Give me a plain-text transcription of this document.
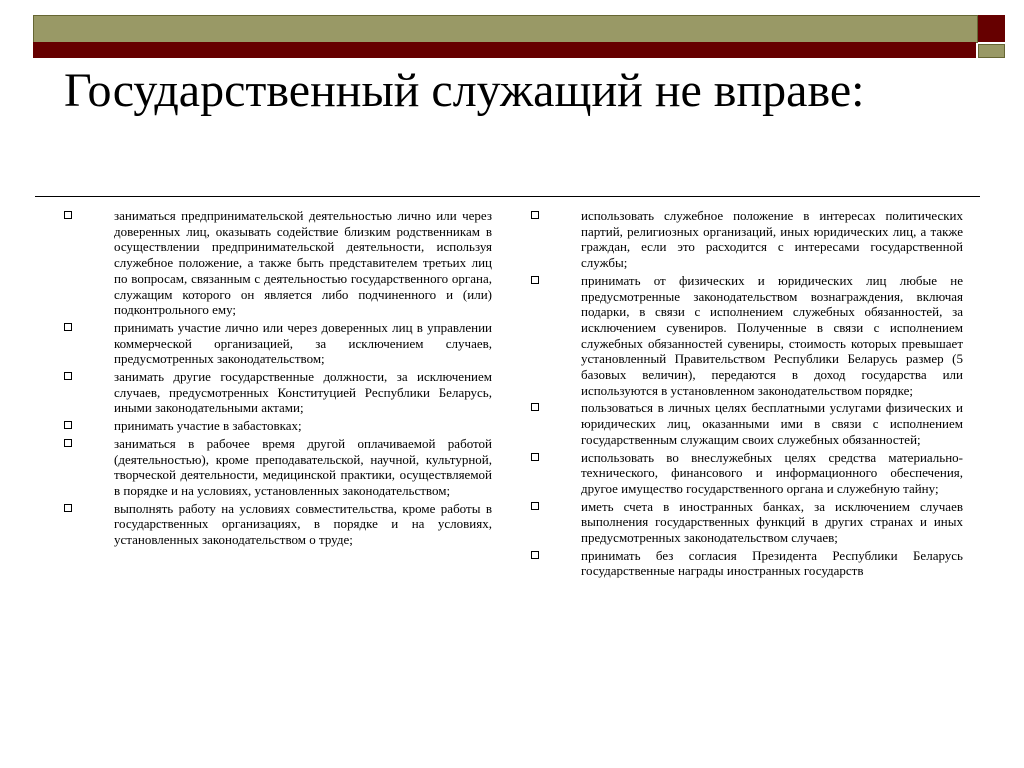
Государственный служащий не вправе:
заниматься предпринимательской деятельностью лично или через доверенных лиц, оказывать содействие близким родственникам в осуществлении предпринимательской деятельности, используя служебное положение, а также быть представителем третьих лиц по вопросам, связанным с деятельностью государственного органа, служащим которого он является либо подчиненного и (или) подконтрольного ему;
принимать участие лично или через доверенных лиц в управлении коммерческой организацией, за исключением случаев, предусмотренных законодательством;
занимать другие государственные должности, за исключением случаев, предусмотренных Конституцией Республики Беларусь, иными законодательными актами;
принимать участие в забастовках;
заниматься в рабочее время другой оплачиваемой работой (деятельностью), кроме преподавательской, научной, культурной, творческой деятельности, медицинской практики, осуществляемой в порядке и на условиях, установленных законодательством;
выполнять работу на условиях совместительства, кроме работы в государственных организациях, в порядке и на условиях, установленных законодательством о труде;
использовать служебное положение в интересах политических партий, религиозных организаций, иных юридических лиц, а также граждан, если это расходится с интересами государственной службы;
принимать от физических и юридических лиц любые не предусмотренные законодательством вознаграждения, включая подарки, в связи с исполнением служебных обязанностей, за исключением сувениров. Полученные в связи с исполнением служебных обязанностей сувениры, стоимость которых превышает установленный Правительством Республики Беларусь размер (5 базовых величин), передаются в доход государства или используются в установленном законодательством порядке;
пользоваться в личных целях бесплатными услугами физических и юридических лиц, оказанными ими в связи с исполнением государственным служащим своих служебных обязанностей;
использовать во внеслужебных целях средства материально-технического, финансового и информационного обеспечения, другое имущество государственного органа и служебную тайну;
иметь счета в иностранных банках, за исключением случаев выполнения государственных функций в других странах и иных предусмотренных законодательством случаев;
принимать без согласия Президента Республики Беларусь государственные награды иностранных государств
